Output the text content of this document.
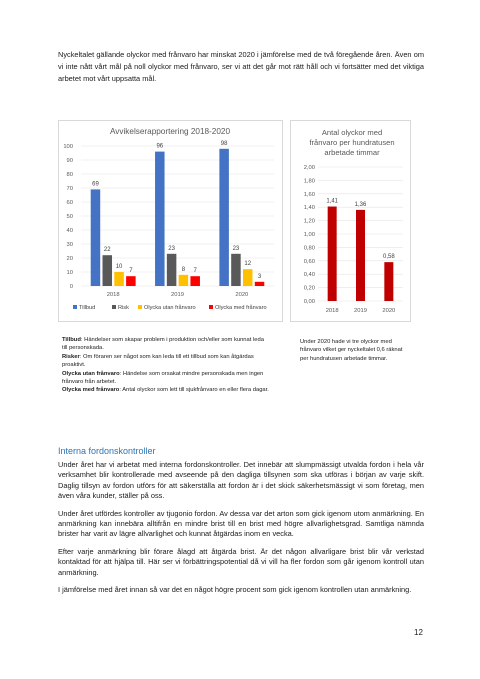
Nyckeltalet gällande olyckor med frånvaro har minskat 2020 i jämförelse med de två föregående åren. Även om vi inte nått vårt mål på noll olyckor med frånvaro, ser vi att det går mot rätt håll och vi fortsätter med det viktiga arbetet mot vårt uppsatta mål.

Avvikelserapportering 2018-2020
0
10
20
30
40
50
60
70
80
90
100
69
22
10
7
2018
96
23
8 7
2019
98
23
12
3
2020
Tillbud	Risk	Olycka utan frånvaro	Olycka med frånvaro
Antal olyckor med
frånvaro per hundratusen
arbetade timmar
0,00
0,20
0,40
0,60
0,80
1,00
1,20
1,40
1,60
1,80
2,00
1,41
2018
1,36
2019
0,58
2020

Tillbud: Händelser som skapar problem i produktion och/eller som kunnat leda till personskada.

Risker: Om föraren ser något som kan leda till ett tillbud som kan åtgärdas proaktivt.

Olycka utan frånvaro: Händelse som orsakat mindre personskada men ingen frånvaro från arbetet.

Olycka med frånvaro: Antal olyckor som lett till sjukfrånvaro en eller flera dagar.

Under 2020 hade vi tre olyckor med frånvaro vilket ger nyckeltalet 0,6 räknat per hundratusen arbetade timmar.
Interna fordonskontroller

Under året har vi arbetat med interna fordonskontroller. Det innebär att slumpmässigt utvalda fordon i hela vår verksamhet blir kontrollerade med avseende på den dagliga tillsynen som ska utföras i början av varje skift. Daglig tillsyn av fordon utförs för att säkerställa att fordon är i det skick säkerhetsmässigt vi som företag, men även våra kunder, ställer på oss.

Under året utfördes kontroller av tjugonio fordon. Av dessa var det arton som gick igenom utom anmärkning. En anmärkning kan innebära alltifrån en mindre brist till en brist med högre allvarlighetsgrad. Samtliga nämnda brister har varit av lägre allvarlighet och kunnat åtgärdas inom en vecka.

Efter varje anmärkning blir förare ålagd att åtgärda brist. Är det någon allvarligare brist blir vår verkstad kontaktad för att hjälpa till. Här ser vi förbättringspotential då vi vill ha fler fordon som går igenom kontroll utan anmärkning.

I jämförelse med året innan så var det en något högre procent som gick igenom kontrollen utan anmärkning.

12
